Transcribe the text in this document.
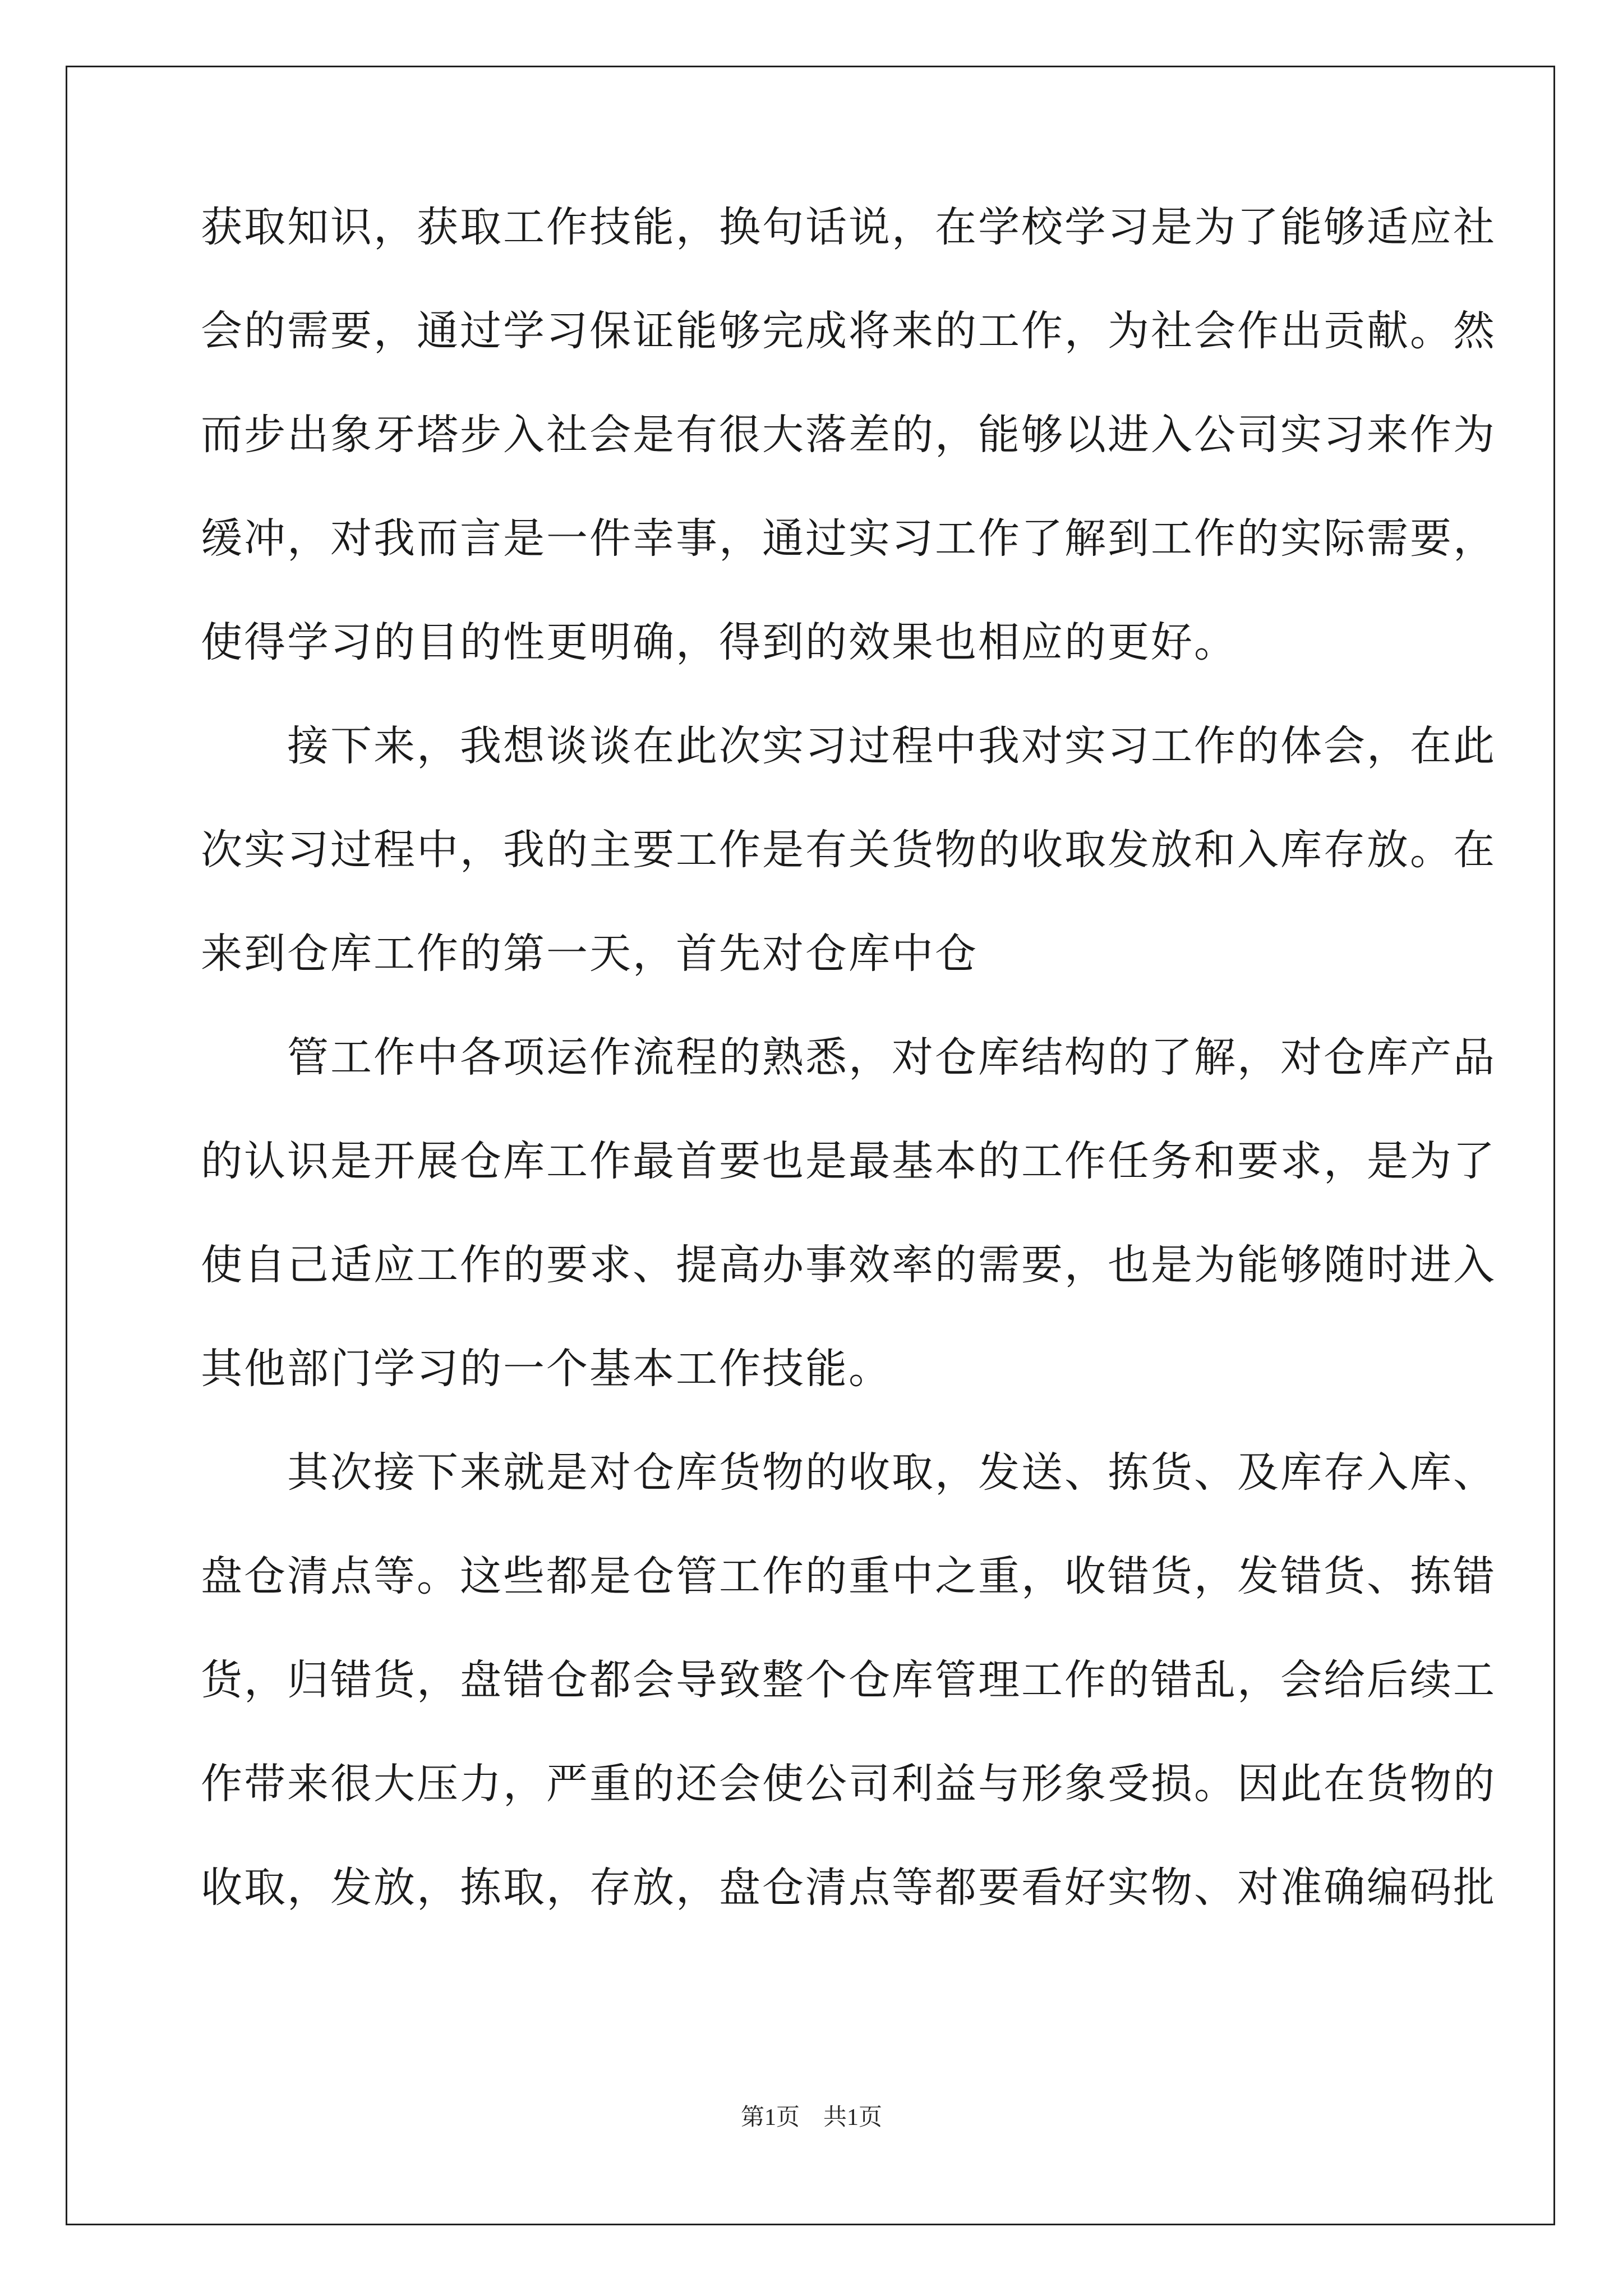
获取知识，获取工作技能，换句话说，在学校学习是为了能够适应社
会的需要，通过学习保证能够完成将来的工作，为社会作出贡献。然
而步出象牙塔步入社会是有很大落差的，能够以进入公司实习来作为
缓冲，对我而言是一件幸事，通过实习工作了解到工作的实际需要，
使得学习的目的性更明确，得到的效果也相应的更好。
　　接下来，我想谈谈在此次实习过程中我对实习工作的体会，在此
次实习过程中，我的主要工作是有关货物的收取发放和入库存放。在
来到仓库工作的第一天，首先对仓库中仓
　　管工作中各项运作流程的熟悉，对仓库结构的了解，对仓库产品
的认识是开展仓库工作最首要也是最基本的工作任务和要求，是为了
使自己适应工作的要求、提高办事效率的需要，也是为能够随时进入
其他部门学习的一个基本工作技能。
　　其次接下来就是对仓库货物的收取，发送、拣货、及库存入库、
盘仓清点等。这些都是仓管工作的重中之重，收错货，发错货、拣错
货，归错货，盘错仓都会导致整个仓库管理工作的错乱，会给后续工
作带来很大压力，严重的还会使公司利益与形象受损。因此在货物的
收取，发放，拣取，存放，盘仓清点等都要看好实物、对准确编码批
第1页　共1页
